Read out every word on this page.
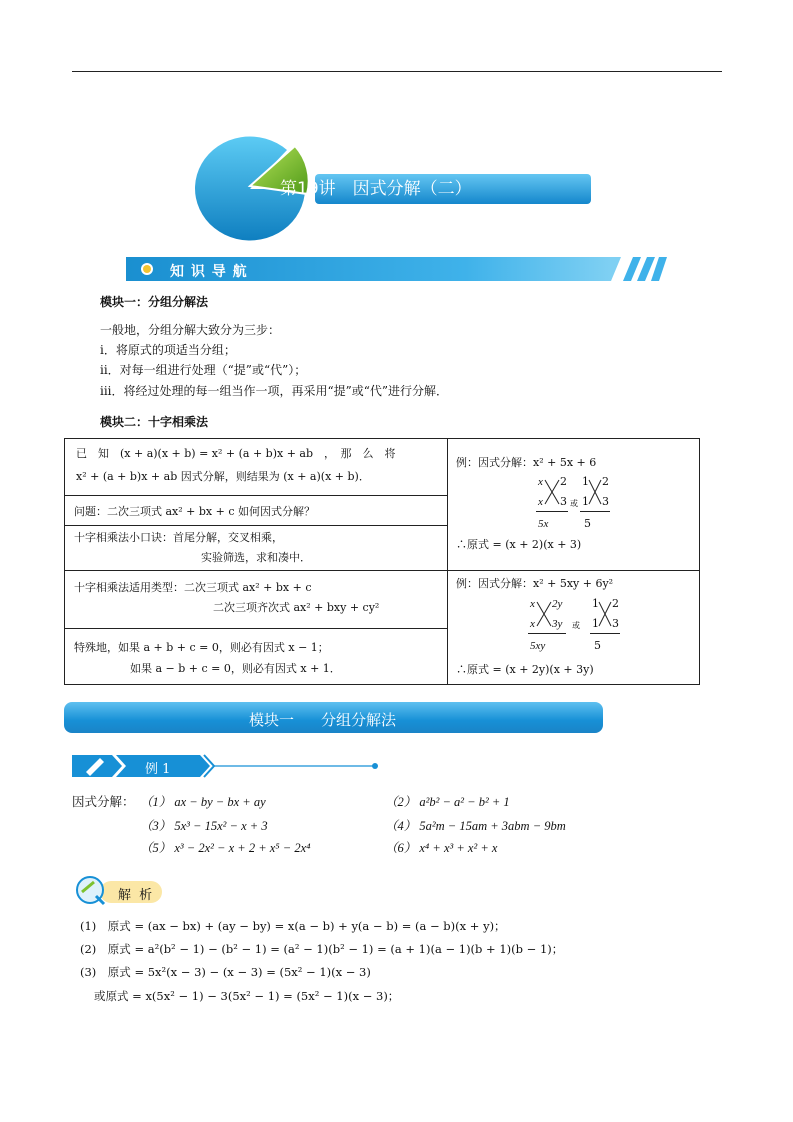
第19讲　因式分解（二）
知 识 导 航
模块一：分组分解法
一般地，分组分解大致分为三步：
i．将原式的项适当分组；
ii．对每一组进行处理（“提”或“代”）；
iii．将经过处理的每一组当作一项，再采用“提”或“代”进行分解．
模块二：十字相乘法
已　知　(x + a)(x + b) = x² + (a + b)x + ab　，　那　么　将
x² + (a + b)x + ab 因式分解，则结果为 (x + a)(x + b)．
问题：二次三项式 ax² + bx + c 如何因式分解？
十字相乘法小口诀：首尾分解，交叉相乘，
实验筛选，求和凑中．
十字相乘法适用类型：二次三项式 ax² + bx + c
二次三项齐次式 ax² + bxy + cy²
特殊地，如果 a + b + c = 0，则必有因式 x − 1；
如果 a − b + c = 0，则必有因式 x + 1．
例：因式分解：x² + 5x + 6
x
x
2
3
5x
或
1
1
2
3
5
∴原式 = (x + 2)(x + 3)
例：因式分解：x² + 5xy + 6y²
x
x
2y
3y
5xy
或
1
1
2
3
5
∴原式 = (x + 2y)(x + 3y)
模块一 分组分解法
例 1
因式分解： （1） ax − by − bx + ay	（2） a²b² − a² − b² + 1
（3） 5x³ − 15x² − x + 3	（4） 5a²m − 15am + 3abm − 9bm
（5） x³ − 2x² − x + 2 + x⁵ − 2x⁴	（6） x⁴ + x³ + x² + x
解 析
(1)　原式 = (ax − bx) + (ay − by) = x(a − b) + y(a − b) = (a − b)(x + y)；
(2)　原式 = a²(b² − 1) − (b² − 1) = (a² − 1)(b² − 1) = (a + 1)(a − 1)(b + 1)(b − 1)；
(3)　原式 = 5x²(x − 3) − (x − 3) = (5x² − 1)(x − 3)
或原式 = x(5x² − 1) − 3(5x² − 1) = (5x² − 1)(x − 3)；
